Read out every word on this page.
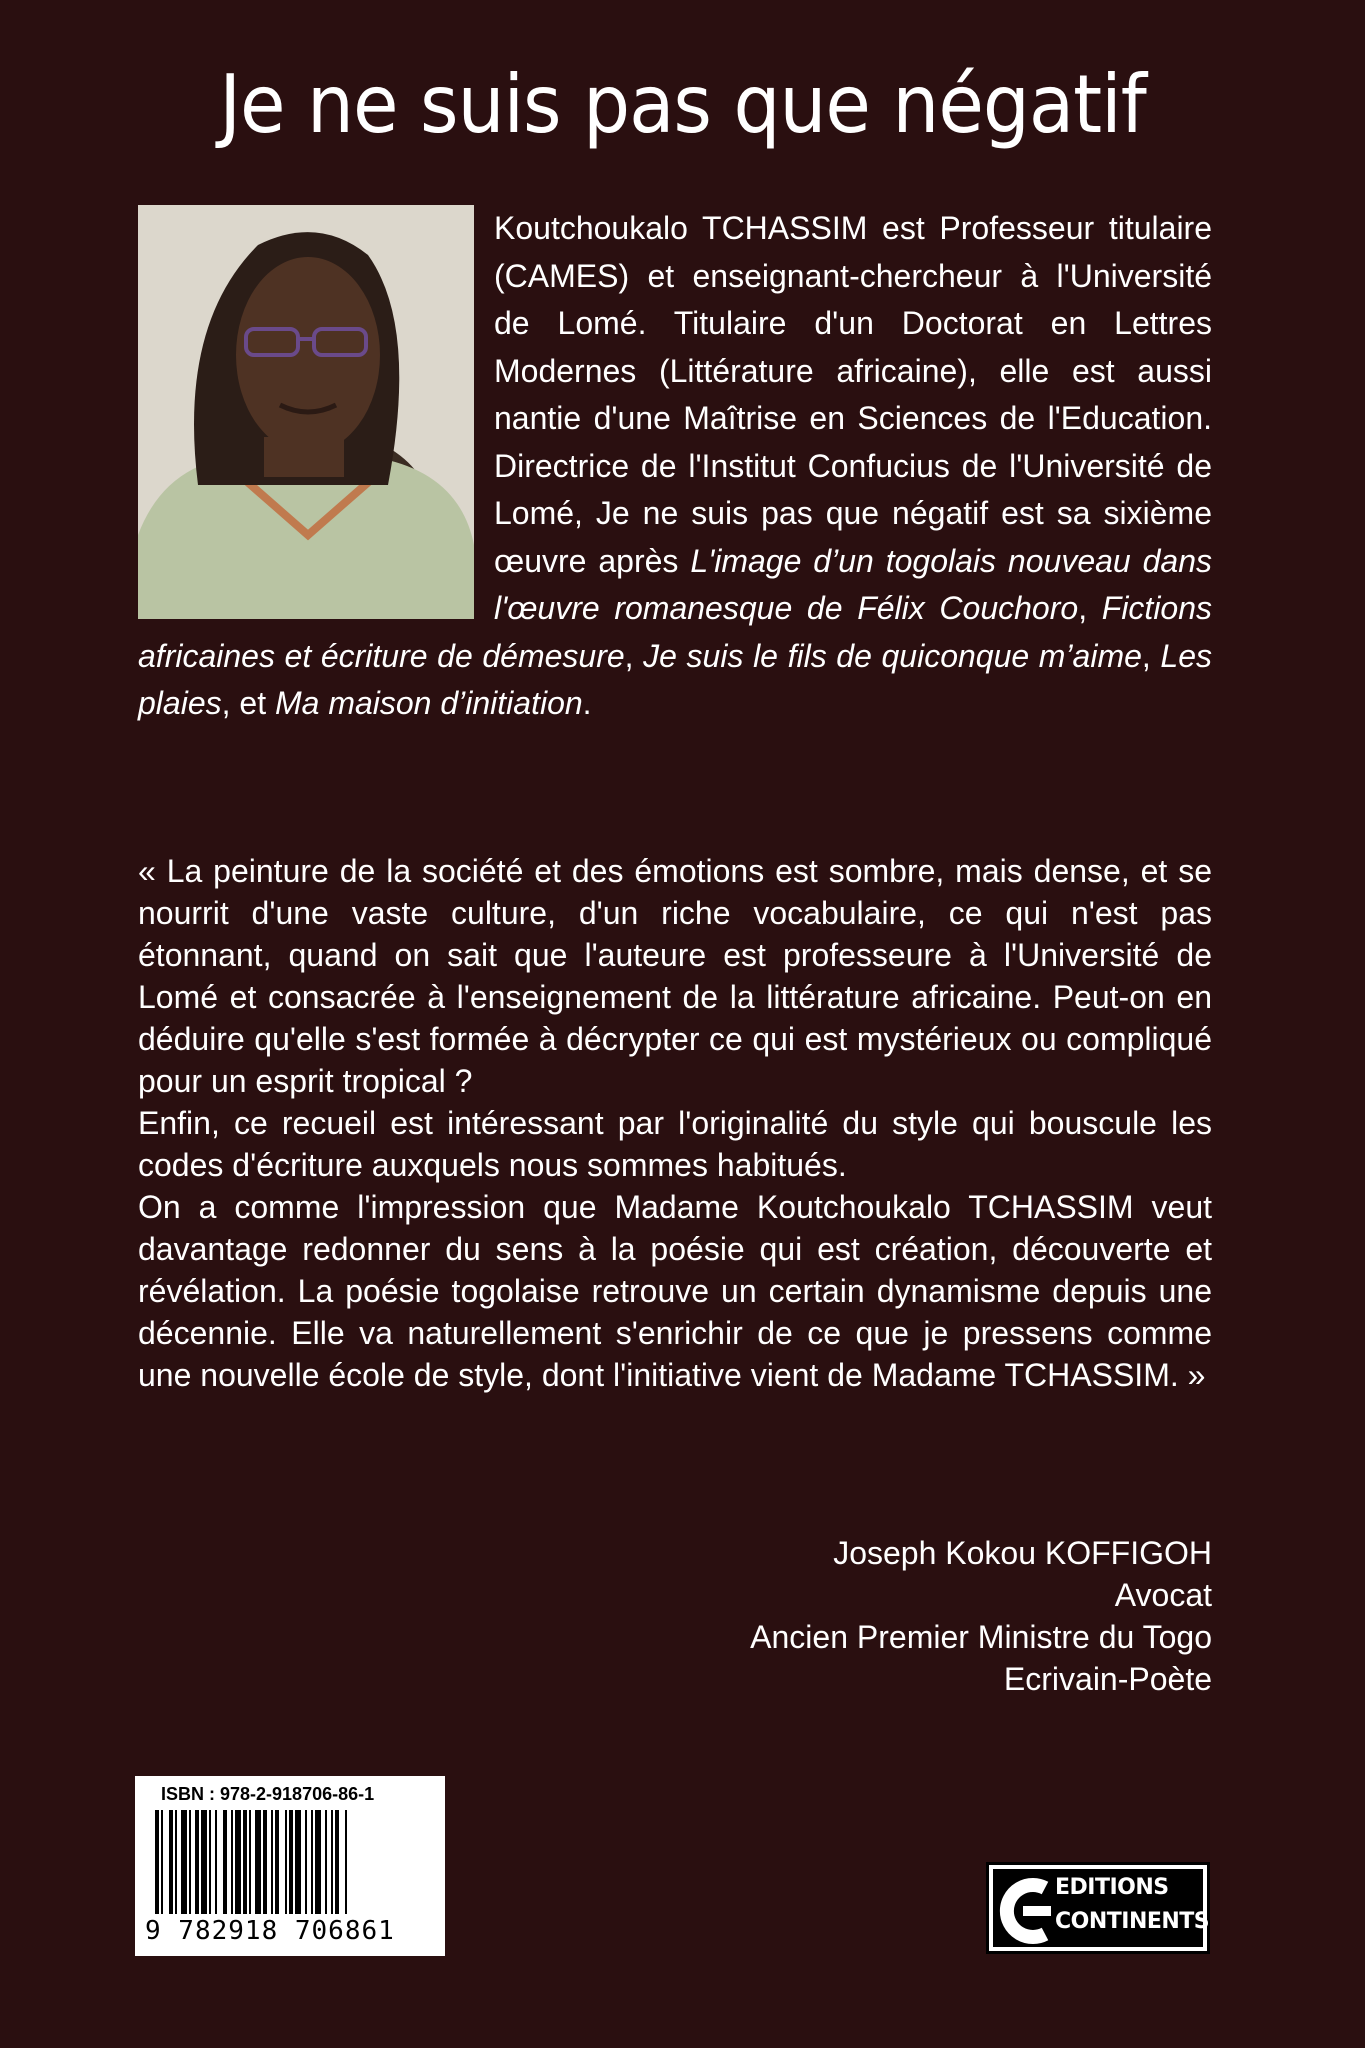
Je ne suis pas que négatif
Koutchoukalo TCHASSIM est Professeur titulaire (CAMES) et enseignant-chercheur à l'Université de Lomé. Titulaire d'un Doctorat en Lettres Modernes (Littérature africaine), elle est aussi nantie d'une Maîtrise en Sciences de l'Education. Directrice de l'Institut Confucius de l'Université de Lomé, Je ne suis pas que négatif est sa sixième œuvre après L'image d’un togolais nouveau dans l'œuvre romanesque de Félix Couchoro, Fictions africaines et écriture de démesure, Je suis le fils de quiconque m’aime, Les plaies, et Ma maison d’initiation.

« La peinture de la société et des émotions est sombre, mais dense, et se nourrit d'une vaste culture, d'un riche vocabulaire, ce qui n'est pas étonnant, quand on sait que l'auteure est professeure à l'Université de Lomé et consacrée à l'enseignement de la littérature africaine. Peut-on en déduire qu'elle s'est formée à décrypter ce qui est mystérieux ou compliqué pour un esprit tropical ?

Enfin, ce recueil est intéressant par l'originalité du style qui bouscule les codes d'écriture auxquels nous sommes habitués.

On a comme l'impression que Madame Koutchoukalo TCHASSIM veut davantage redonner du sens à la poésie qui est création, découverte et révélation. La poésie togolaise retrouve un certain dynamisme depuis une décennie. Elle va naturellement s'enrichir de ce que je pressens comme une nouvelle école de style, dont l'initiative vient de Madame TCHASSIM. »

Joseph Kokou KOFFIGOH
Avocat
Ancien Premier Ministre du Togo
Ecrivain-Poète
ISBN : 978-2-918706-86-1
9 782918 706861
EDITIONS
CONTINENTS
